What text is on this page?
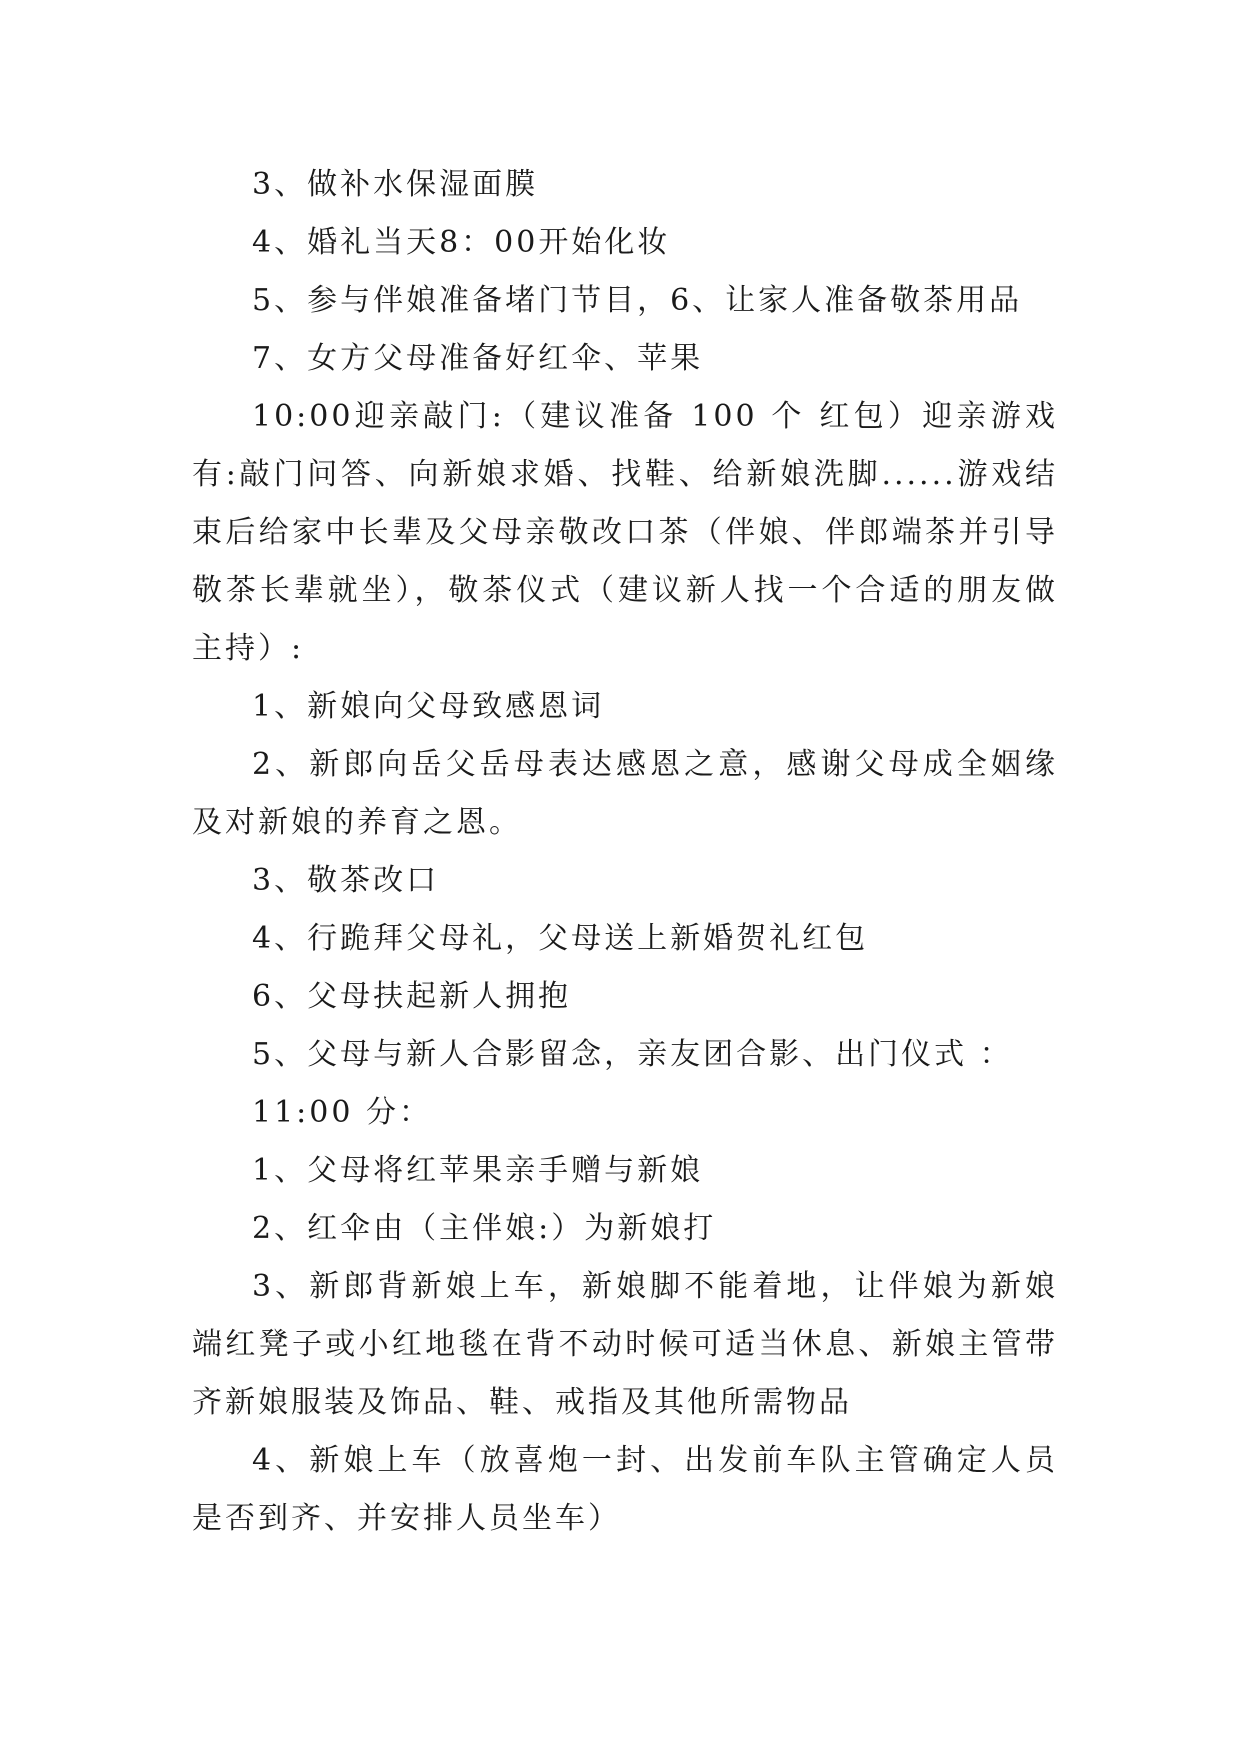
3、做补水保湿面膜

4、婚礼当天8：00开始化妆

5、参与伴娘准备堵门节目，6、让家人准备敬茶用品

7、女方父母准备好红伞、苹果

10:00迎亲敲门:（建议准备 100 个 红包）迎亲游戏有:敲门问答、向新娘求婚、找鞋、给新娘洗脚......游戏结束后给家中长辈及父母亲敬改口茶（伴娘、伴郎端茶并引导敬茶长辈就坐），敬茶仪式（建议新人找一个合适的朋友做主持）:

1、新娘向父母致感恩词

2、新郎向岳父岳母表达感恩之意，感谢父母成全姻缘及对新娘的养育之恩。

3、敬茶改口

4、行跪拜父母礼，父母送上新婚贺礼红包

6、父母扶起新人拥抱

5、父母与新人合影留念，亲友团合影、出门仪式 ：

11:00 分：

1、父母将红苹果亲手赠与新娘

2、红伞由（主伴娘:）为新娘打

3、新郎背新娘上车，新娘脚不能着地，让伴娘为新娘端红凳子或小红地毯在背不动时候可适当休息、新娘主管带齐新娘服装及饰品、鞋、戒指及其他所需物品

4、新娘上车（放喜炮一封、出发前车队主管确定人员是否到齐、并安排人员坐车）
